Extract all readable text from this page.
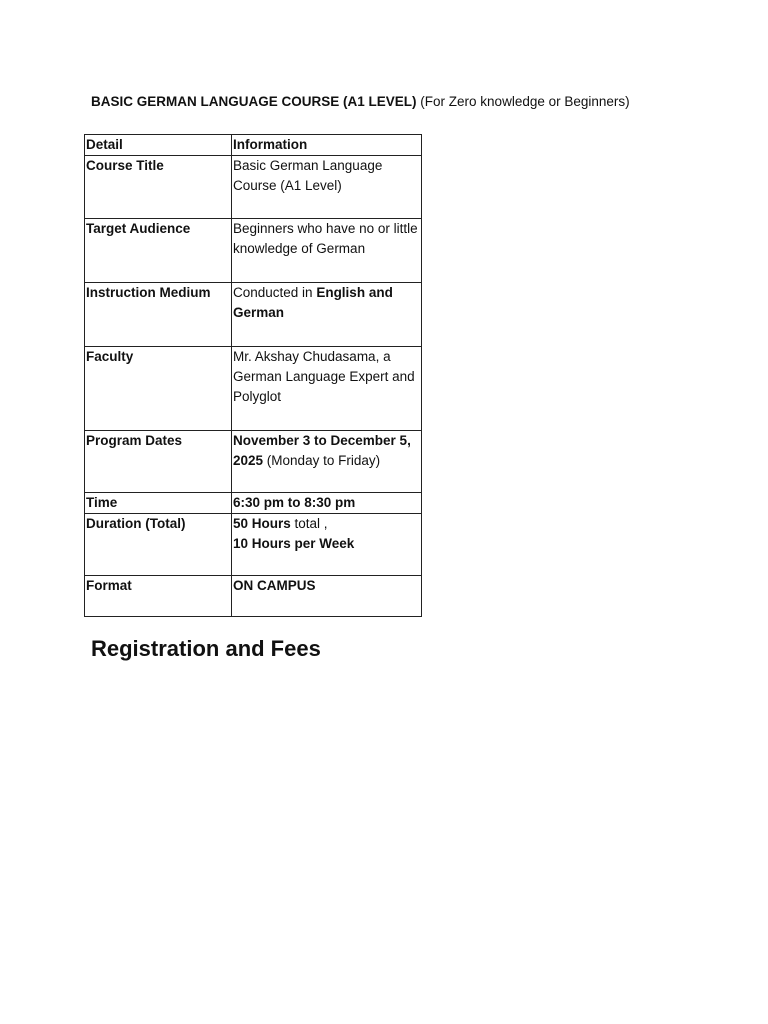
BASIC GERMAN LANGUAGE COURSE (A1 LEVEL) (For Zero knowledge or Beginners)
Detail	Information
Course Title	Basic German Language Course (A1 Level)
Target Audience	Beginners who have no or little knowledge of German
Instruction Medium	Conducted in English and German
Faculty	Mr. Akshay Chudasama, a German Language Expert and Polyglot
Program Dates	November 3 to December 5, 2025 (Monday to Friday)
Time	6:30 pm to 8:30 pm
Duration (Total)	50 Hours total ,
10 Hours per Week
Format	ON CAMPUS
Registration and Fees
